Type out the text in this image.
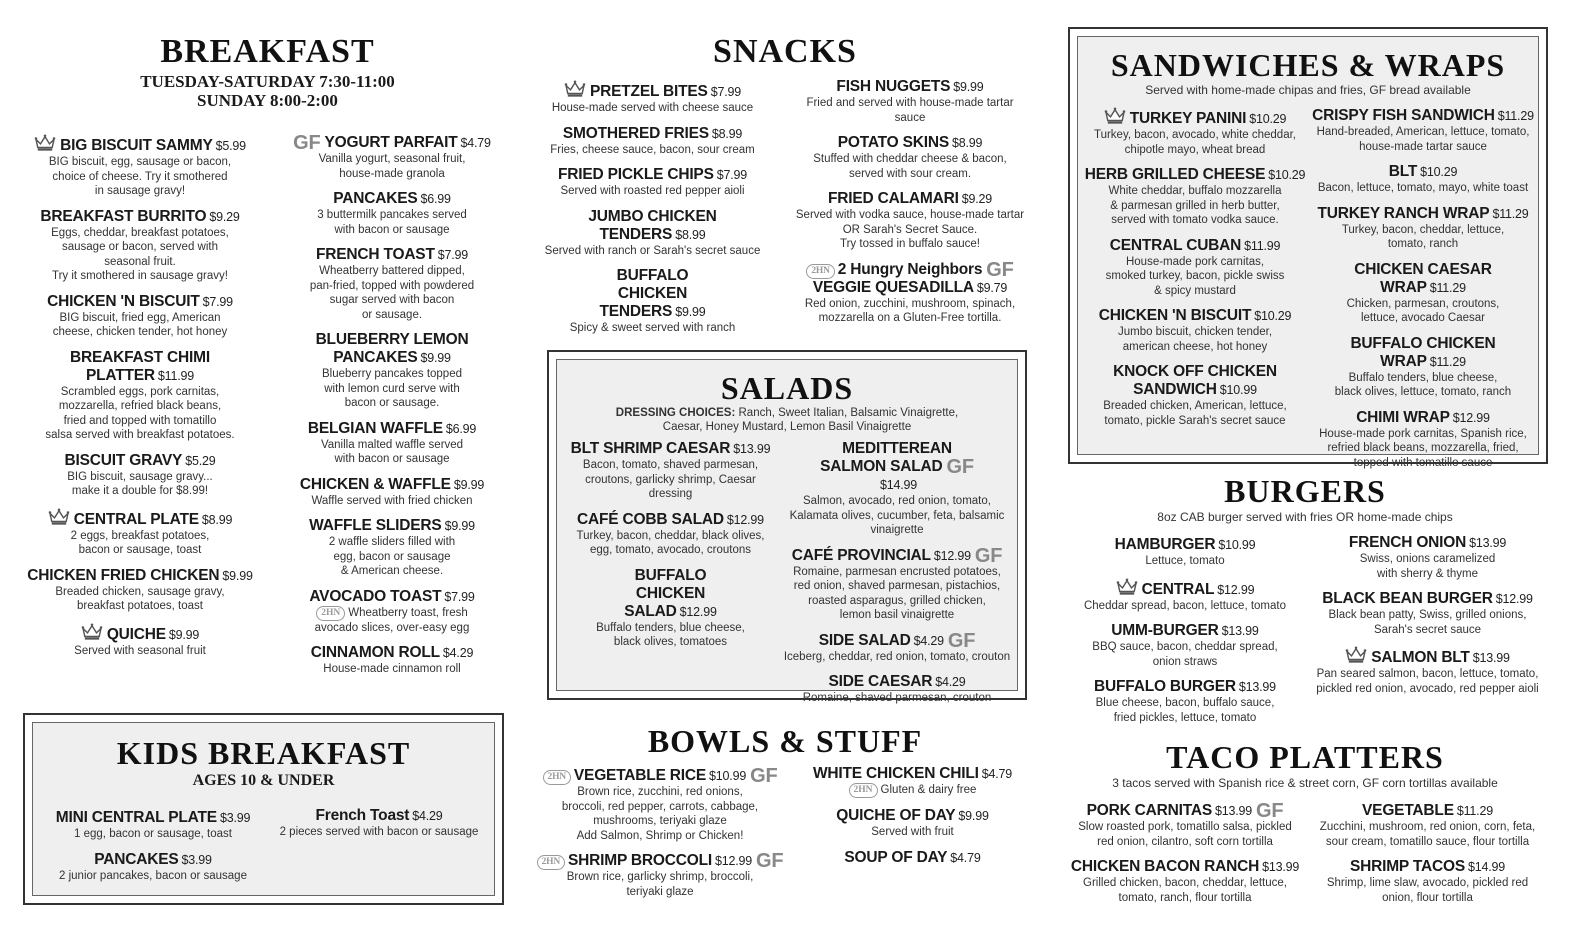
BREAKFAST
TUESDAY-SATURDAY 7:30-11:00
SUNDAY 8:00-2:00
BIG BISCUIT SAMMY $5.99
BIG biscuit, egg, sausage or bacon,
choice of cheese. Try it smothered
in sausage gravy!
BREAKFAST BURRITO $9.29
Eggs, cheddar, breakfast potatoes,
sausage or bacon, served with
seasonal fruit.
Try it smothered in sausage gravy!
CHICKEN 'N BISCUIT $7.99
BIG biscuit, fried egg, American
cheese, chicken tender, hot honey
BREAKFAST CHIMI PLATTER $11.99
Scrambled eggs, pork carnitas,
mozzarella, refried black beans,
fried and topped with tomatillo
salsa served with breakfast potatoes.
BISCUIT GRAVY $5.29
BIG biscuit, sausage gravy...
make it a double for $8.99!
CENTRAL PLATE $8.99
2 eggs, breakfast potatoes,
bacon or sausage, toast
CHICKEN FRIED CHICKEN $9.99
Breaded chicken, sausage gravy,
breakfast potatoes, toast
QUICHE $9.99
Served with seasonal fruit
GF YOGURT PARFAIT $4.79
Vanilla yogurt, seasonal fruit,
house-made granola
PANCAKES $6.99
3 buttermilk pancakes served
with bacon or sausage
FRENCH TOAST $7.99
Wheatberry battered dipped,
pan-fried, topped with powdered
sugar served with bacon
or sausage.
BLUEBERRY LEMON PANCAKES $9.99
Blueberry pancakes topped
with lemon curd serve with
bacon or sausage.
BELGIAN WAFFLE $6.99
Vanilla malted waffle served
with bacon or sausage
CHICKEN & WAFFLE $9.99
Waffle served with fried chicken
WAFFLE SLIDERS $9.99
2 waffle sliders filled with
egg, bacon or sausage
& American cheese.
AVOCADO TOAST $7.99
2HN Wheatberry toast, fresh
avocado slices, over-easy egg
CINNAMON ROLL $4.29
House-made cinnamon roll
KIDS BREAKFAST
AGES 10 & UNDER
MINI CENTRAL PLATE $3.99
1 egg, bacon or sausage, toast
PANCAKES $3.99
2 junior pancakes, bacon or sausage
French Toast $4.29
2 pieces served with bacon or sausage
SNACKS
PRETZEL BITES $7.99
House-made served with cheese sauce
SMOTHERED FRIES $8.99
Fries, cheese sauce, bacon, sour cream
FRIED PICKLE CHIPS $7.99
Served with roasted red pepper aioli
JUMBO CHICKEN TENDERS $8.99
Served with ranch or Sarah's secret sauce
BUFFALO CHICKEN TENDERS $9.99
Spicy & sweet served with ranch
FISH NUGGETS $9.99
Fried and served with house-made tartar
sauce
POTATO SKINS $8.99
Stuffed with cheddar cheese & bacon,
served with sour cream.
FRIED CALAMARI $9.29
Served with vodka sauce, house-made tartar
OR Sarah's Secret Sauce.
Try tossed in buffalo sauce!
2HN 2 Hungry Neighbors GF
VEGGIE QUESADILLA $9.79
Red onion, zucchini, mushroom, spinach,
mozzarella on a Gluten-Free tortilla.
SALADS
DRESSING CHOICES: Ranch, Sweet Italian, Balsamic Vinaigrette,
Caesar, Honey Mustard, Lemon Basil Vinaigrette
BLT SHRIMP CAESAR $13.99
Bacon, tomato, shaved parmesan,
croutons, garlicky shrimp, Caesar
dressing
CAFÉ COBB SALAD $12.99
Turkey, bacon, cheddar, black olives,
egg, tomato, avocado, croutons
BUFFALO CHICKEN SALAD $12.99
Buffalo tenders, blue cheese,
black olives, tomatoes
MEDITTEREAN SALMON SALAD GF $14.99
Salmon, avocado, red onion, tomato,
Kalamata olives, cucumber, feta, balsamic
vinaigrette
CAFÉ PROVINCIAL $12.99 GF
Romaine, parmesan encrusted potatoes,
red onion, shaved parmesan, pistachios,
roasted asparagus, grilled chicken,
lemon basil vinaigrette
SIDE SALAD $4.29 GF
Iceberg, cheddar, red onion, tomato, crouton
SIDE CAESAR $4.29
Romaine, shaved parmesan, crouton
BOWLS & STUFF
2HN VEGETABLE RICE $10.99 GF
Brown rice, zucchini, red onions,
broccoli, red pepper, carrots, cabbage,
mushrooms, teriyaki glaze
Add Salmon, Shrimp or Chicken!
2HN SHRIMP BROCCOLI $12.99 GF
Brown rice, garlicky shrimp, broccoli,
teriyaki glaze
WHITE CHICKEN CHILI $4.79
2HN Gluten & dairy free
QUICHE OF DAY $9.99
Served with fruit
SOUP OF DAY $4.79
SANDWICHES & WRAPS
Served with home-made chipas and fries, GF bread available
TURKEY PANINI $10.29
Turkey, bacon, avocado, white cheddar,
chipotle mayo, wheat bread
HERB GRILLED CHEESE $10.29
White cheddar, buffalo mozzarella
& parmesan grilled in herb butter,
served with tomato vodka sauce.
CENTRAL CUBAN $11.99
House-made pork carnitas,
smoked turkey, bacon, pickle swiss
& spicy mustard
CHICKEN 'N BISCUIT $10.29
Jumbo biscuit, chicken tender,
american cheese, hot honey
KNOCK OFF CHICKEN SANDWICH $10.99
Breaded chicken, American, lettuce,
tomato, pickle Sarah's secret sauce
CRISPY FISH SANDWICH $11.29
Hand-breaded, American, lettuce, tomato,
house-made tartar sauce
BLT $10.29
Bacon, lettuce, tomato, mayo, white toast
TURKEY RANCH WRAP $11.29
Turkey, bacon, cheddar, lettuce,
tomato, ranch
CHICKEN CAESAR WRAP $11.29
Chicken, parmesan, croutons,
lettuce, avocado Caesar
BUFFALO CHICKEN WRAP $11.29
Buffalo tenders, blue cheese,
black olives, lettuce, tomato, ranch
CHIMI WRAP $12.99
House-made pork carnitas, Spanish rice,
refried black beans, mozzarella, fried,
topped with tomatillo sauce
BURGERS
8oz CAB burger served with fries OR home-made chips
HAMBURGER $10.99
Lettuce, tomato
CENTRAL $12.99
Cheddar spread, bacon, lettuce, tomato
UMM-BURGER $13.99
BBQ sauce, bacon, cheddar spread,
onion straws
BUFFALO BURGER $13.99
Blue cheese, bacon, buffalo sauce,
fried pickles, lettuce, tomato
FRENCH ONION $13.99
Swiss, onions caramelized
with sherry & thyme
BLACK BEAN BURGER $12.99
Black bean patty, Swiss, grilled onions,
Sarah's secret sauce
SALMON BLT $13.99
Pan seared salmon, bacon, lettuce, tomato,
pickled red onion, avocado, red pepper aioli
TACO PLATTERS
3 tacos served with Spanish rice & street corn, GF corn tortillas available
PORK CARNITAS $13.99 GF
Slow roasted pork, tomatillo salsa, pickled
red onion, cilantro, soft corn tortilla
CHICKEN BACON RANCH $13.99
Grilled chicken, bacon, cheddar, lettuce,
tomato, ranch, flour tortilla
VEGETABLE $11.29
Zucchini, mushroom, red onion, corn, feta,
sour cream, tomatillo sauce, flour tortilla
SHRIMP TACOS $14.99
Shrimp, lime slaw, avocado, pickled red
onion, flour tortilla
